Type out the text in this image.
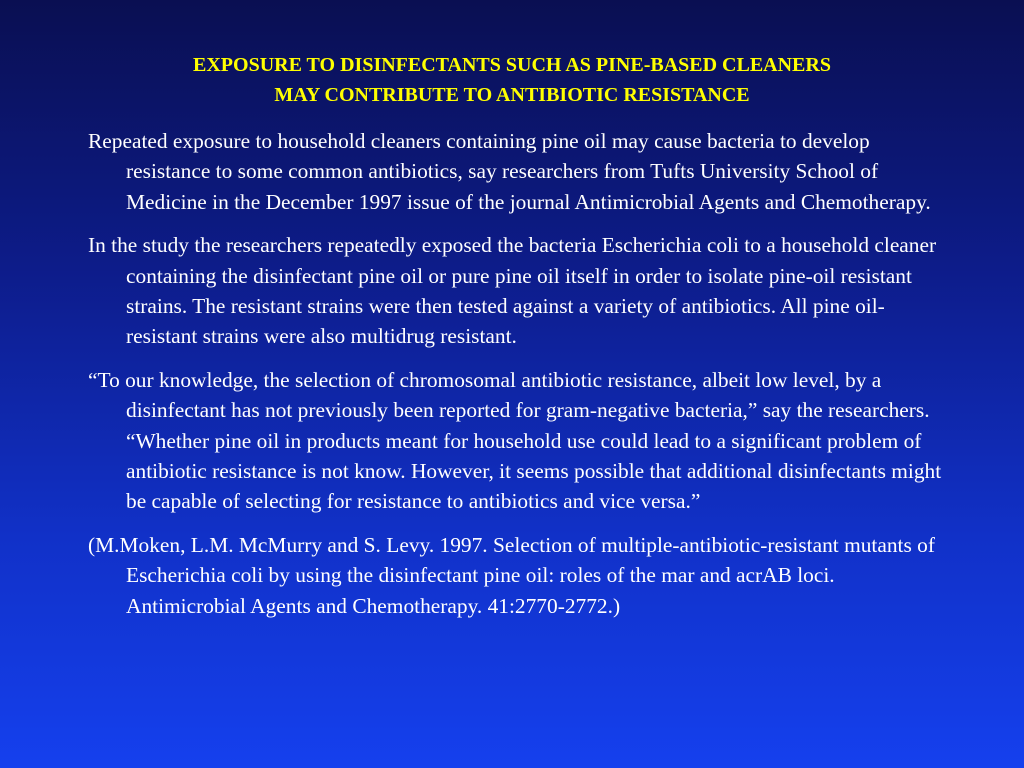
EXPOSURE TO DISINFECTANTS SUCH AS PINE-BASED CLEANERS
MAY CONTRIBUTE TO ANTIBIOTIC RESISTANCE

Repeated exposure to household cleaners containing pine oil may cause bacteria to develop resistance to some common antibiotics, say researchers from Tufts University School of Medicine in the December 1997 issue of the journal Antimicrobial Agents and Chemotherapy.

In the study the researchers repeatedly exposed the bacteria Escherichia coli to a household cleaner containing the disinfectant pine oil or pure pine oil itself in order to isolate pine-oil resistant strains. The resistant strains were then tested against a variety of antibiotics. All pine oil-resistant strains were also multidrug resistant.

“To our knowledge, the selection of chromosomal antibiotic resistance, albeit low level, by a disinfectant has not previously been reported for gram-negative bacteria,” say the researchers. “Whether pine oil in products meant for household use could lead to a significant problem of antibiotic resistance is not know. However, it seems possible that additional disinfectants might be capable of selecting for resistance to antibiotics and vice versa.”

(M.Moken, L.M. McMurry and S. Levy. 1997. Selection of multiple-antibiotic-resistant mutants of Escherichia coli by using the disinfectant pine oil: roles of the mar and acrAB loci. Antimicrobial Agents and Chemotherapy. 41:2770-2772.)
